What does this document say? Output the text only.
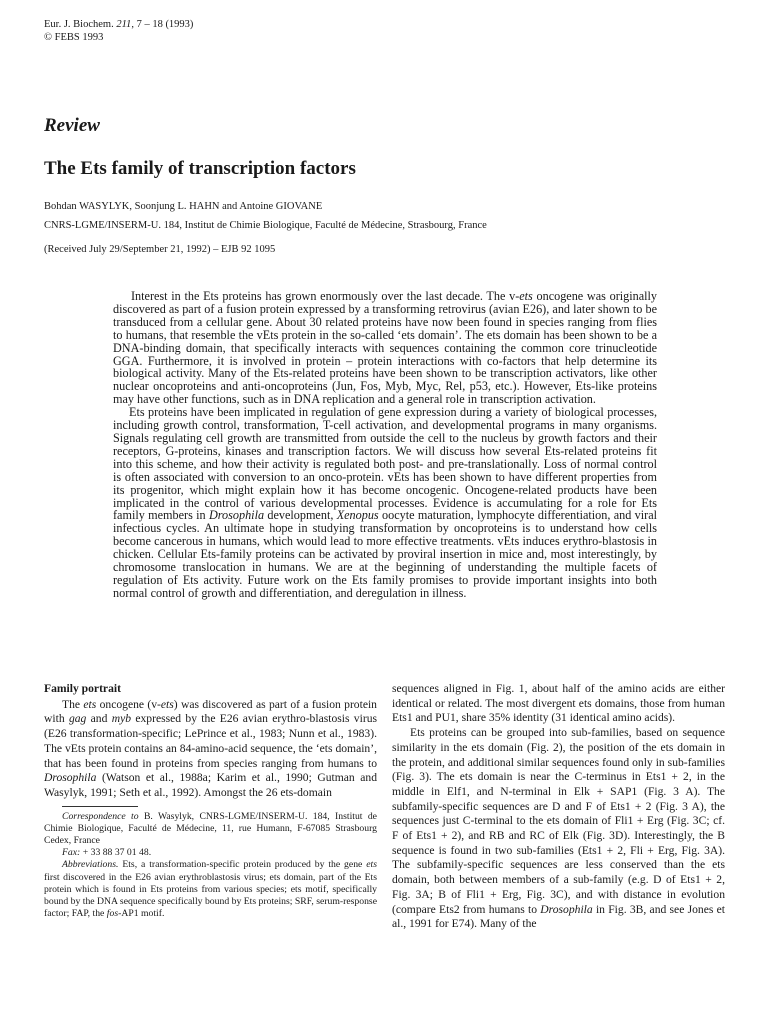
Eur. J. Biochem. 211, 7 – 18 (1993)
© FEBS 1993
Review
The Ets family of transcription factors
Bohdan WASYLYK, Soonjung L. HAHN and Antoine GIOVANE
CNRS-LGME/INSERM-U. 184, Institut de Chimie Biologique, Faculté de Médecine, Strasbourg, France
(Received July 29/September 21, 1992) – EJB 92 1095

Interest in the Ets proteins has grown enormously over the last decade. The v-ets oncogene was originally discovered as part of a fusion protein expressed by a transforming retrovirus (avian E26), and later shown to be transduced from a cellular gene. About 30 related proteins have now been found in species ranging from flies to humans, that resemble the vEts protein in the so-called ‘ets domain’. The ets domain has been shown to be a DNA-binding domain, that specifically interacts with sequences containing the common core trinucleotide GGA. Furthermore, it is involved in protein – protein interactions with co-factors that help determine its biological activity. Many of the Ets-related proteins have been shown to be transcription activators, like other nuclear oncoproteins and anti-oncoproteins (Jun, Fos, Myb, Myc, Rel, p53, etc.). However, Ets-like proteins may have other functions, such as in DNA replication and a general role in transcription activation.

Ets proteins have been implicated in regulation of gene expression during a variety of biological processes, including growth control, transformation, T-cell activation, and developmental programs in many organisms. Signals regulating cell growth are transmitted from outside the cell to the nucleus by growth factors and their receptors, G-proteins, kinases and transcription factors. We will discuss how several Ets-related proteins fit into this scheme, and how their activity is regulated both post- and pre-translationally. Loss of normal control is often associated with conversion to an onco-protein. vEts has been shown to have different properties from its progenitor, which might explain how it has become oncogenic. Oncogene-related products have been implicated in the control of various developmental processes. Evidence is accumulating for a role for Ets family members in Drosophila development, Xenopus oocyte maturation, lymphocyte differentiation, and viral infectious cycles. An ultimate hope in studying transformation by oncoproteins is to understand how cells become cancerous in humans, which would lead to more effective treatments. vEts induces erythro-blastosis in chicken. Cellular Ets-family proteins can be activated by proviral insertion in mice and, most interestingly, by chromosome translocation in humans. We are at the beginning of understanding the multiple facets of regulation of Ets activity. Future work on the Ets family promises to provide important insights into both normal control of growth and differentiation, and deregulation in illness.

Family portrait

The ets oncogene (v-ets) was discovered as part of a fusion protein with gag and myb expressed by the E26 avian erythro-blastosis virus (E26 transformation-specific; LePrince et al., 1983; Nunn et al., 1983). The vEts protein contains an 84-amino-acid sequence, the ‘ets domain’, that has been found in proteins from species ranging from humans to Drosophila (Watson et al., 1988a; Karim et al., 1990; Gutman and Wasylyk, 1991; Seth et al., 1992). Amongst the 26 ets-domain

Correspondence to B. Wasylyk, CNRS-LGME/INSERM-U. 184, Institut de Chimie Biologique, Faculté de Médecine, 11, rue Humann, F-67085 Strasbourg Cedex, France

Fax: + 33 88 37 01 48.

Abbreviations. Ets, a transformation-specific protein produced by the gene ets first discovered in the E26 avian erythroblastosis virus; ets domain, part of the Ets protein which is found in Ets proteins from various species; ets motif, specifically bound by the DNA sequence specifically bound by Ets proteins; SRF, serum-response factor; FAP, the fos-AP1 motif.

sequences aligned in Fig. 1, about half of the amino acids are either identical or related. The most divergent ets domains, those from human Ets1 and PU1, share 35% identity (31 identical amino acids).

Ets proteins can be grouped into sub-families, based on sequence similarity in the ets domain (Fig. 2), the position of the ets domain in the protein, and additional similar sequences found only in sub-families (Fig. 3). The ets domain is near the C-terminus in Ets1 + 2, in the middle in Elf1, and N-terminal in Elk + SAP1 (Fig. 3 A). The subfamily-specific sequences are D and F of Ets1 + 2 (Fig. 3 A), the sequences just C-terminal to the ets domain of Fli1 + Erg (Fig. 3C; cf. F of Ets1 + 2), and RB and RC of Elk (Fig. 3D). Interestingly, the B sequence is found in two sub-families (Ets1 + 2, Fli + Erg, Fig. 3A). The subfamily-specific sequences are less conserved than the ets domain, both between members of a sub-family (e.g. D of Ets1 + 2, Fig. 3A; B of Fli1 + Erg, Fig. 3C), and with distance in evolution (compare Ets2 from humans to Drosophila in Fig. 3B, and see Jones et al., 1991 for E74). Many of the
